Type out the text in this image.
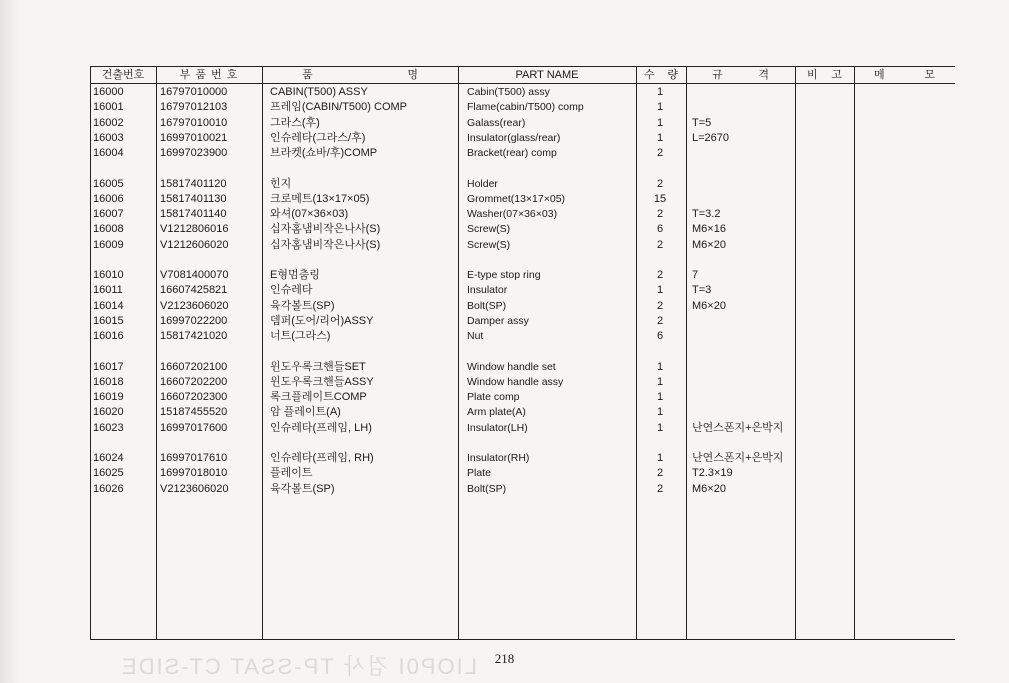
건출번호	부 품 번 호	품	명	PART NAME	수 량	규	격	비 고	메	모
16000	16797010000	CABIN(T500) ASSY	Cabin(T500) assy	1
16001	16797012103	프레임(CABIN/T500) COMP	Flame(cabin/T500) comp	1
16002	16797010010	그라스(후)	Galass(rear)	1	T=5
16003	16997010021	인슈레타(그라스/후)	Insulator(glass/rear)	1	L=2670
16004	16997023900	브라켓(쇼바/후)COMP	Bracket(rear) comp	2
16005	15817401120	힌지	Holder	2
16006	15817401130	크로메트(13×17×05)	Grommet(13×17×05)	15
16007	15817401140	와셔(07×36×03)	Washer(07×36×03)	2	T=3.2
16008	V1212806016	십자홈냄비작은나사(S)	Screw(S)	6	M6×16
16009	V1212606020	십자홈냄비작은나사(S)	Screw(S)	2	M6×20
16010	V7081400070	E형멈춤링	E-type stop ring	2	7
16011	16607425821	인슈레타	Insulator	1	T=3
16014	V2123606020	육각볼트(SP)	Bolt(SP)	2	M6×20
16015	16997022200	뎀퍼(도어/리어)ASSY	Damper assy	2
16016	15817421020	너트(그라스)	Nut	6
16017	16607202100	윈도우록크핸들SET	Window handle set	1
16018	16607202200	윈도우록크핸들ASSY	Window handle assy	1
16019	16607202300	록크플레이트COMP	Plate comp	1
16020	15187455520	암 플레이트(A)	Arm plate(A)	1
16023	16997017600	인슈레타(프레임, LH)	Insulator(LH)	1	난연스폰지+은박지
16024	16997017610	인슈레타(프레임, RH)	Insulator(RH)	1	난연스폰지+은박지
16025	16997018010	플레이트	Plate	2	T2.3×19
16026	V2123606020	육각볼트(SP)	Bolt(SP)	2	M6×20
LIOP0I 검사 TP-SSAT CT-SIDE	218
